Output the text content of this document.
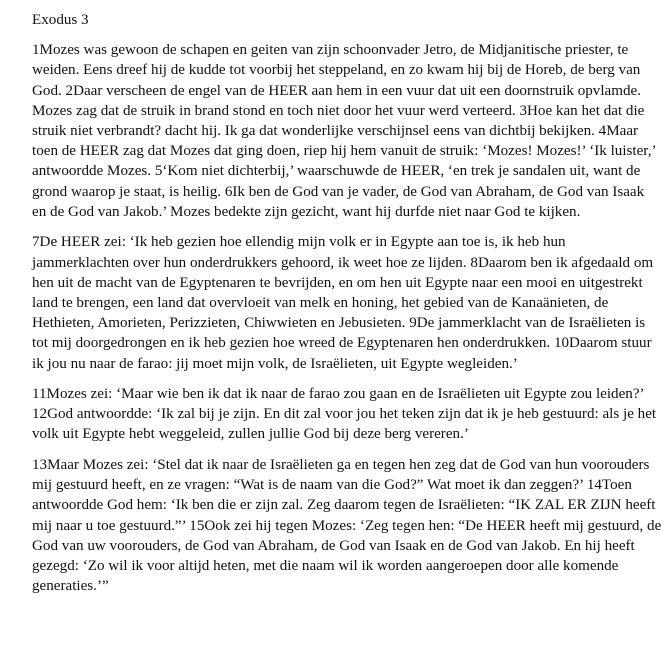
Exodus 3

1Mozes was gewoon de schapen en geiten van zijn schoonvader Jetro, de Midjanitische priester, te weiden. Eens dreef hij de kudde tot voorbij het steppeland, en zo kwam hij bij de Horeb, de berg van God. 2Daar verscheen de engel van de HEER aan hem in een vuur dat uit een doornstruik opvlamde. Mozes zag dat de struik in brand stond en toch niet door het vuur werd verteerd. 3Hoe kan het dat die struik niet verbrandt? dacht hij. Ik ga dat wonderlijke verschijnsel eens van dichtbij bekijken. 4Maar toen de HEER zag dat Mozes dat ging doen, riep hij hem vanuit de struik: ‘Mozes! Mozes!’ ‘Ik luister,’ antwoordde Mozes. 5‘Kom niet dichterbij,’ waarschuwde de HEER, ‘en trek je sandalen uit, want de grond waarop je staat, is heilig. 6Ik ben de God van je vader, de God van Abraham, de God van Isaak en de God van Jakob.’ Mozes bedekte zijn gezicht, want hij durfde niet naar God te kijken.

7De HEER zei: ‘Ik heb gezien hoe ellendig mijn volk er in Egypte aan toe is, ik heb hun jammerklachten over hun onderdrukkers gehoord, ik weet hoe ze lijden. 8Daarom ben ik afgedaald om hen uit de macht van de Egyptenaren te bevrijden, en om hen uit Egypte naar een mooi en uitgestrekt land te brengen, een land dat overvloeit van melk en honing, het gebied van de Kanaänieten, de Hethieten, Amorieten, Perizzieten, Chiwwieten en Jebusieten. 9De jammerklacht van de Israëlieten is tot mij doorgedrongen en ik heb gezien hoe wreed de Egyptenaren hen onderdrukken. 10Daarom stuur ik jou nu naar de farao: jij moet mijn volk, de Israëlieten, uit Egypte wegleiden.’

11Mozes zei: ‘Maar wie ben ik dat ik naar de farao zou gaan en de Israëlieten uit Egypte zou leiden?’ 12God antwoordde: ‘Ik zal bij je zijn. En dit zal voor jou het teken zijn dat ik je heb gestuurd: als je het volk uit Egypte hebt weggeleid, zullen jullie God bij deze berg vereren.’

13Maar Mozes zei: ‘Stel dat ik naar de Israëlieten ga en tegen hen zeg dat de God van hun voorouders mij gestuurd heeft, en ze vragen: “Wat is de naam van die God?” Wat moet ik dan zeggen?’ 14Toen antwoordde God hem: ‘Ik ben die er zijn zal. Zeg daarom tegen de Israëlieten: “IK ZAL ER ZIJN heeft mij naar u toe gestuurd.”’ 15Ook zei hij tegen Mozes: ‘Zeg tegen hen: “De HEER heeft mij gestuurd, de God van uw voorouders, de God van Abraham, de God van Isaak en de God van Jakob. En hij heeft gezegd: ‘Zo wil ik voor altijd heten, met die naam wil ik worden aangeroepen door alle komende generaties.’”
